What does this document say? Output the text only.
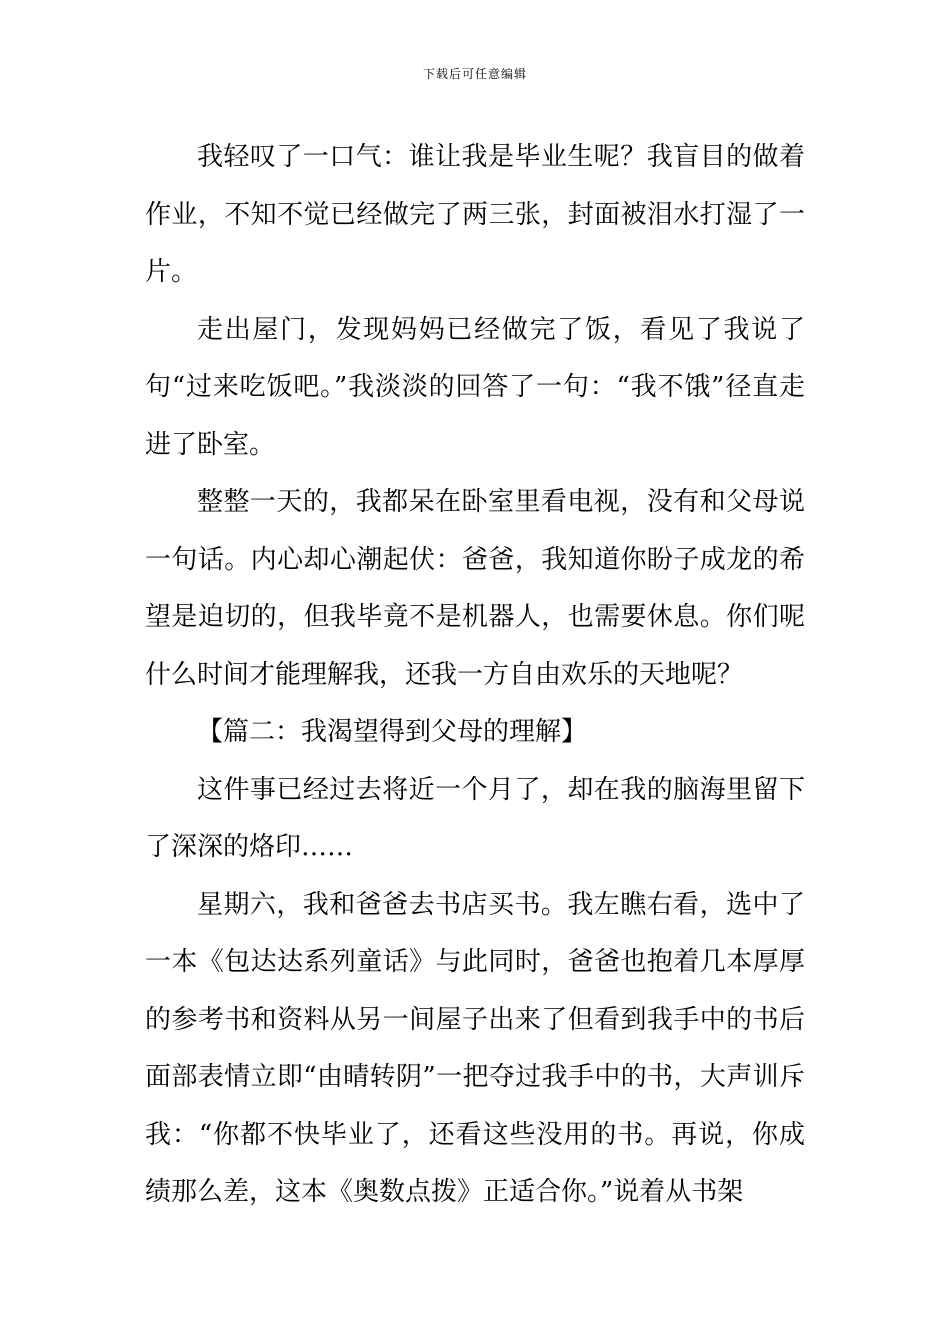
下载后可任意编辑

我轻叹了一口气：谁让我是毕业生呢？我盲目的做着作业，不知不觉已经做完了两三张，封面被泪水打湿了一片。

走出屋门，发现妈妈已经做完了饭，看见了我说了句“过来吃饭吧。”我淡淡的回答了一句：“我不饿”径直走进了卧室。

整整一天的，我都呆在卧室里看电视，没有和父母说一句话。内心却心潮起伏：爸爸，我知道你盼子成龙的希望是迫切的，但我毕竟不是机器人，也需要休息。你们呢什么时间才能理解我，还我一方自由欢乐的天地呢？

【篇二：我渴望得到父母的理解】

这件事已经过去将近一个月了，却在我的脑海里留下了深深的烙印……

星期六，我和爸爸去书店买书。我左瞧右看，选中了一本《包达达系列童话》与此同时，爸爸也抱着几本厚厚的参考书和资料从另一间屋子出来了但看到我手中的书后面部表情立即“由晴转阴”一把夺过我手中的书，大声训斥我：“你都不快毕业了，还看这些没用的书。再说，你成绩那么差，这本《奥数点拨》正适合你。”说着从书架
